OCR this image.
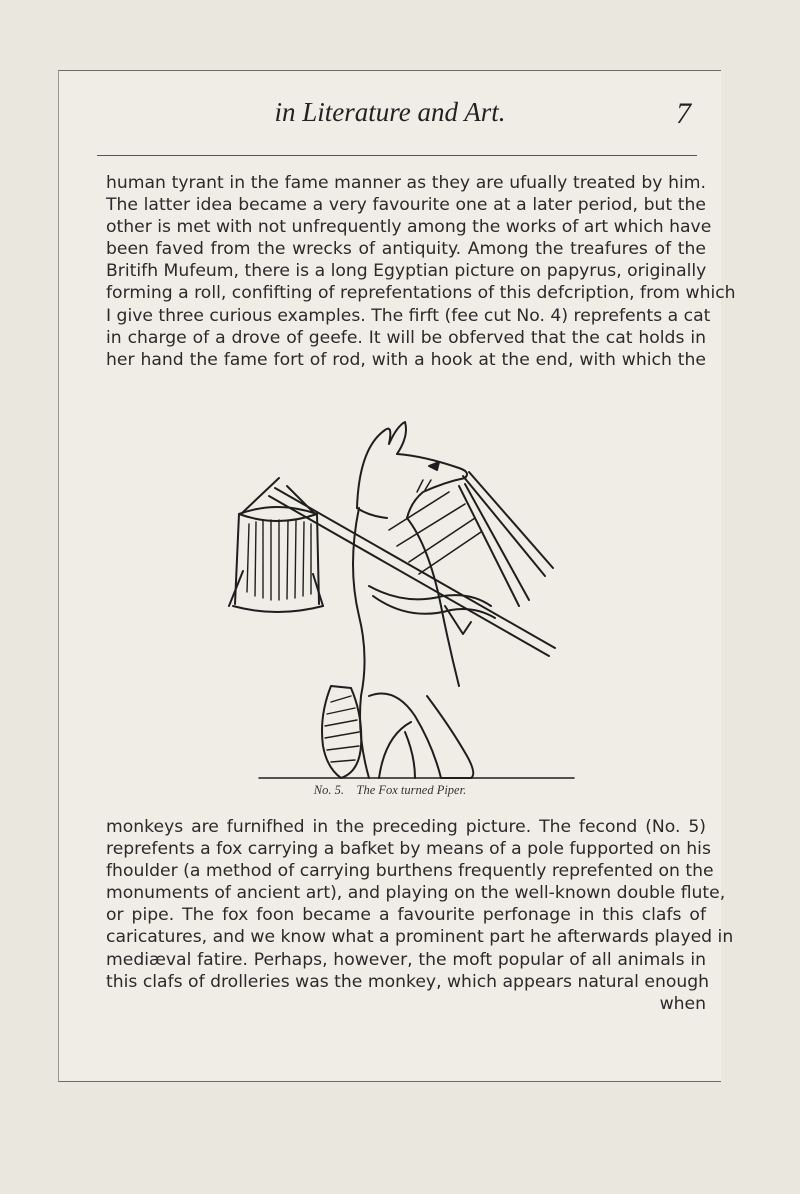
in Literature and Art.	7
human tyrant in the fame manner as they are ufually treated by him.
The latter idea became a very favourite one at a later period, but the
other is met with not unfrequently among the works of art which have
been faved from the wrecks of antiquity. Among the treafures of the
Britifh Mufeum, there is a long Egyptian picture on papyrus, originally
forming a roll, confifting of reprefentations of this defcription, from which
I give three curious examples. The firft (fee cut No. 4) reprefents a cat
in charge of a drove of geefe. It will be obferved that the cat holds in
her hand the fame fort of rod, with a hook at the end, with which the
No. 5. The Fox turned Piper.
monkeys are furnifhed in the preceding picture. The fecond (No. 5)
reprefents a fox carrying a bafket by means of a pole fupported on his
fhoulder (a method of carrying burthens frequently reprefented on the
monuments of ancient art), and playing on the well-known double flute,
or pipe. The fox foon became a favourite perfonage in this clafs of
caricatures, and we know what a prominent part he afterwards played in
mediæval fatire. Perhaps, however, the moft popular of all animals in
this clafs of drolleries was the monkey, which appears natural enough
when
